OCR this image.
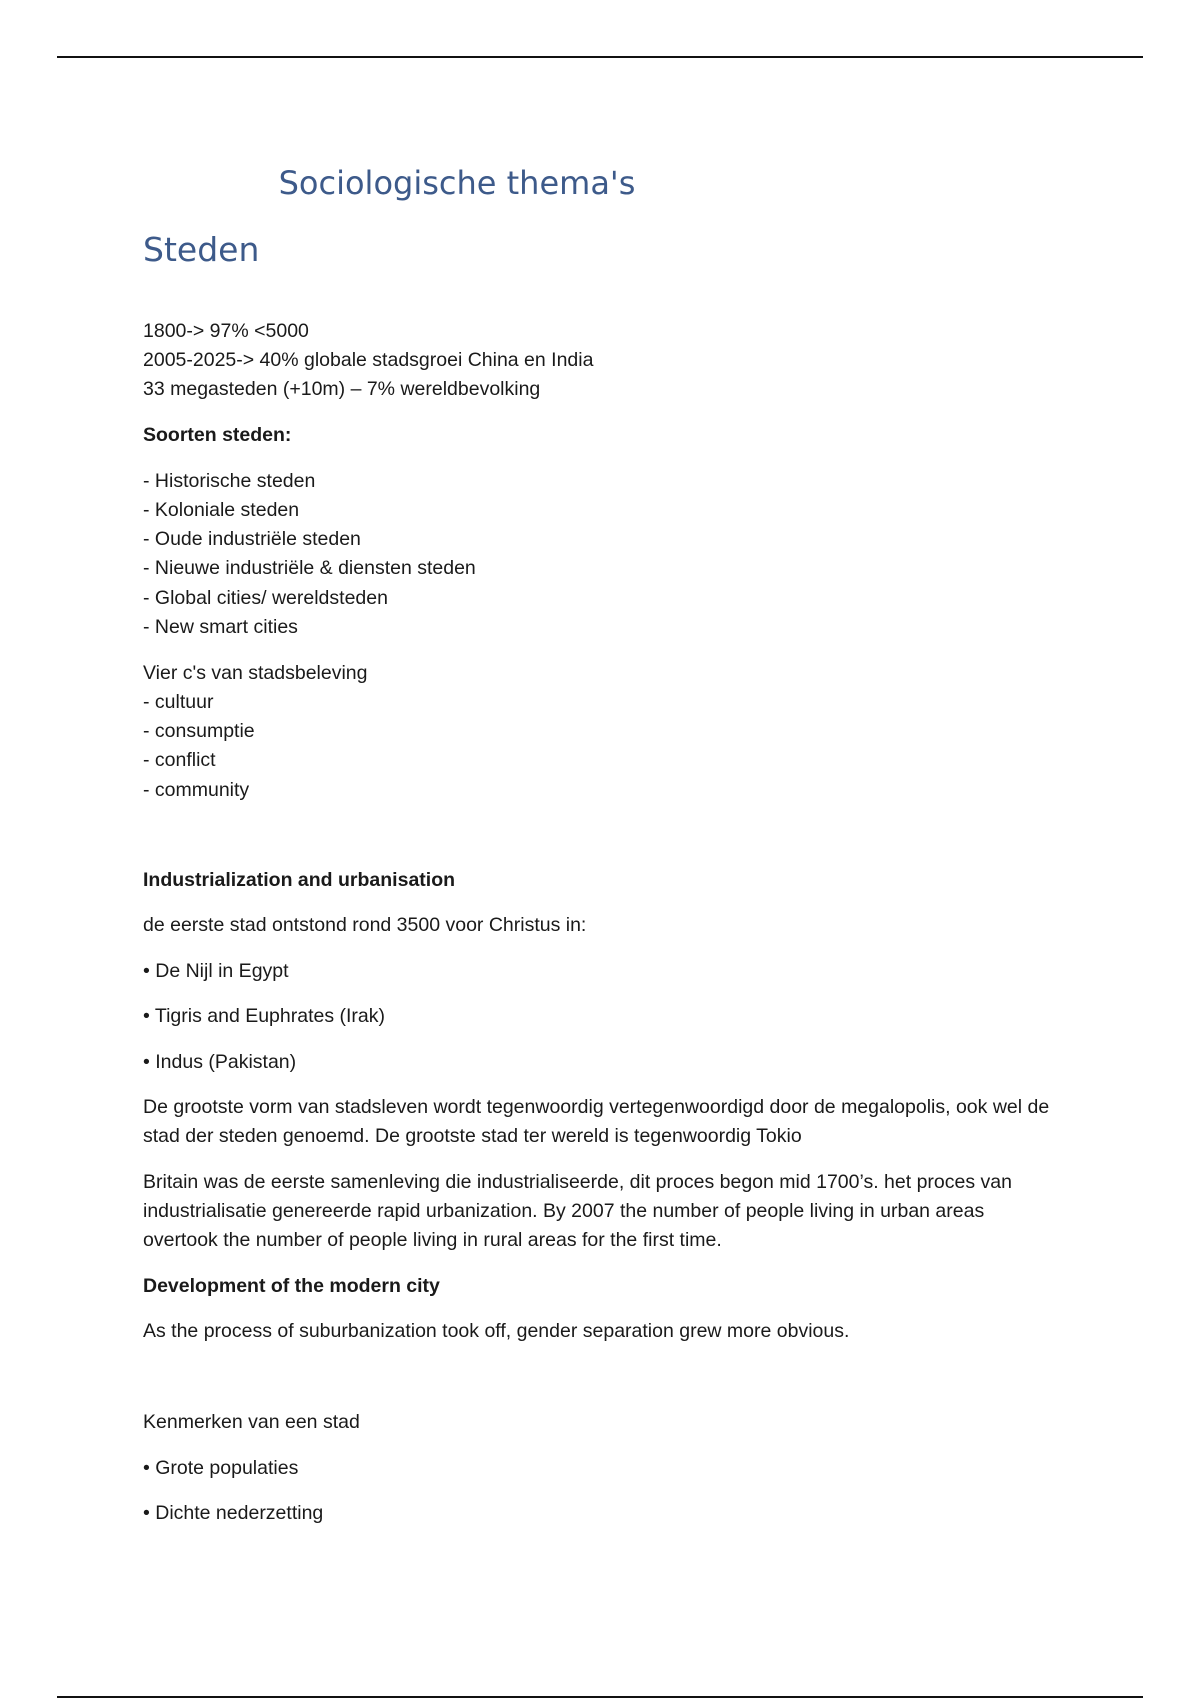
Sociologische thema's
Steden
1800-> 97% <5000
2005-2025-> 40% globale stadsgroei China en India
33 megasteden (+10m) – 7% wereldbevolking
Soorten steden:
- Historische steden
- Koloniale steden
- Oude industriële steden
- Nieuwe industriële & diensten steden
- Global cities/ wereldsteden
- New smart cities
Vier c's van stadsbeleving
- cultuur
- consumptie
- conflict
- community
Industrialization and urbanisation
de eerste stad ontstond rond 3500 voor Christus in:
• De Nijl in Egypt
• Tigris and Euphrates (Irak)
• Indus (Pakistan)
De grootste vorm van stadsleven wordt tegenwoordig vertegenwoordigd door de megalopolis, ook wel de stad der steden genoemd. De grootste stad ter wereld is tegenwoordig Tokio
Britain was de eerste samenleving die industrialiseerde, dit proces begon mid 1700’s. het proces van industrialisatie genereerde rapid urbanization. By 2007 the number of people living in urban areas overtook the number of people living in rural areas for the first time.
Development of the modern city
As the process of suburbanization took off, gender separation grew more obvious.
Kenmerken van een stad
• Grote populaties
• Dichte nederzetting
